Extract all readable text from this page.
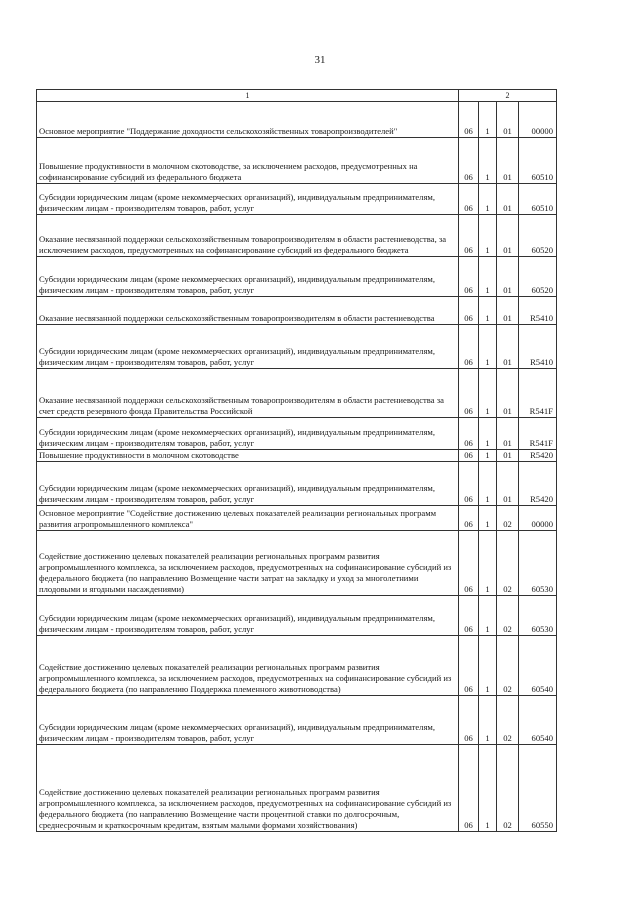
31
1	2			
Основное мероприятие "Поддержание доходности сельскохозяйственных товаропроизводителей"	06	1	01	00000
Повышение продуктивности в молочном скотоводстве, за исключением расходов, предусмотренных на софинансирование субсидий из федерального бюджета	06	1	01	60510
Субсидии юридическим лицам (кроме некоммерческих организаций), индивидуальным предпринимателям, физическим лицам - производителям товаров, работ, услуг	06	1	01	60510
Оказание несвязанной поддержки сельскохозяйственным товаропроизводителям в области растениеводства, за исключением расходов, предусмотренных на софинансирование субсидий из федерального бюджета	06	1	01	60520
Субсидии юридическим лицам (кроме некоммерческих организаций), индивидуальным предпринимателям, физическим лицам - производителям товаров, работ, услуг	06	1	01	60520
Оказание несвязанной поддержки сельскохозяйственным товаропроизводителям в области растениеводства	06	1	01	R5410
Субсидии юридическим лицам (кроме некоммерческих организаций), индивидуальным предпринимателям, физическим лицам - производителям товаров, работ, услуг	06	1	01	R5410
Оказание несвязанной поддержки сельскохозяйственным товаропроизводителям в области растениеводства за счет средств резервного фонда Правительства Российской	06	1	01	R541F
Субсидии юридическим лицам (кроме некоммерческих организаций), индивидуальным предпринимателям, физическим лицам - производителям товаров, работ, услуг	06	1	01	R541F
Повышение продуктивности в молочном скотоводстве	06	1	01	R5420
Субсидии юридическим лицам (кроме некоммерческих организаций), индивидуальным предпринимателям, физическим лицам - производителям товаров, работ, услуг	06	1	01	R5420
Основное мероприятие "Содействие достижению целевых показателей реализации региональных программ развития агропромышленного комплекса"	06	1	02	00000
Содействие достижению целевых показателей реализации региональных программ развития агропромышленного комплекса, за исключением расходов, предусмотренных на софинансирование субсидий из федерального бюджета (по направлению Возмещение части затрат на закладку и уход за многолетними плодовыми и ягодными насаждениями)	06	1	02	60530
Субсидии юридическим лицам (кроме некоммерческих организаций), индивидуальным предпринимателям, физическим лицам - производителям товаров, работ, услуг	06	1	02	60530
Содействие достижению целевых показателей реализации региональных программ развития агропромышленного комплекса, за исключением расходов, предусмотренных на софинансирование субсидий из федерального бюджета (по направлению Поддержка племенного животноводства)	06	1	02	60540
Субсидии юридическим лицам (кроме некоммерческих организаций), индивидуальным предпринимателям, физическим лицам - производителям товаров, работ, услуг	06	1	02	60540
Содействие достижению целевых показателей реализации региональных программ развития агропромышленного комплекса, за исключением расходов, предусмотренных на софинансирование субсидий из федерального бюджета (по направлению Возмещение части процентной ставки по долгосрочным, среднесрочным и краткосрочным кредитам, взятым малыми формами хозяйствования)	06	1	02	60550
